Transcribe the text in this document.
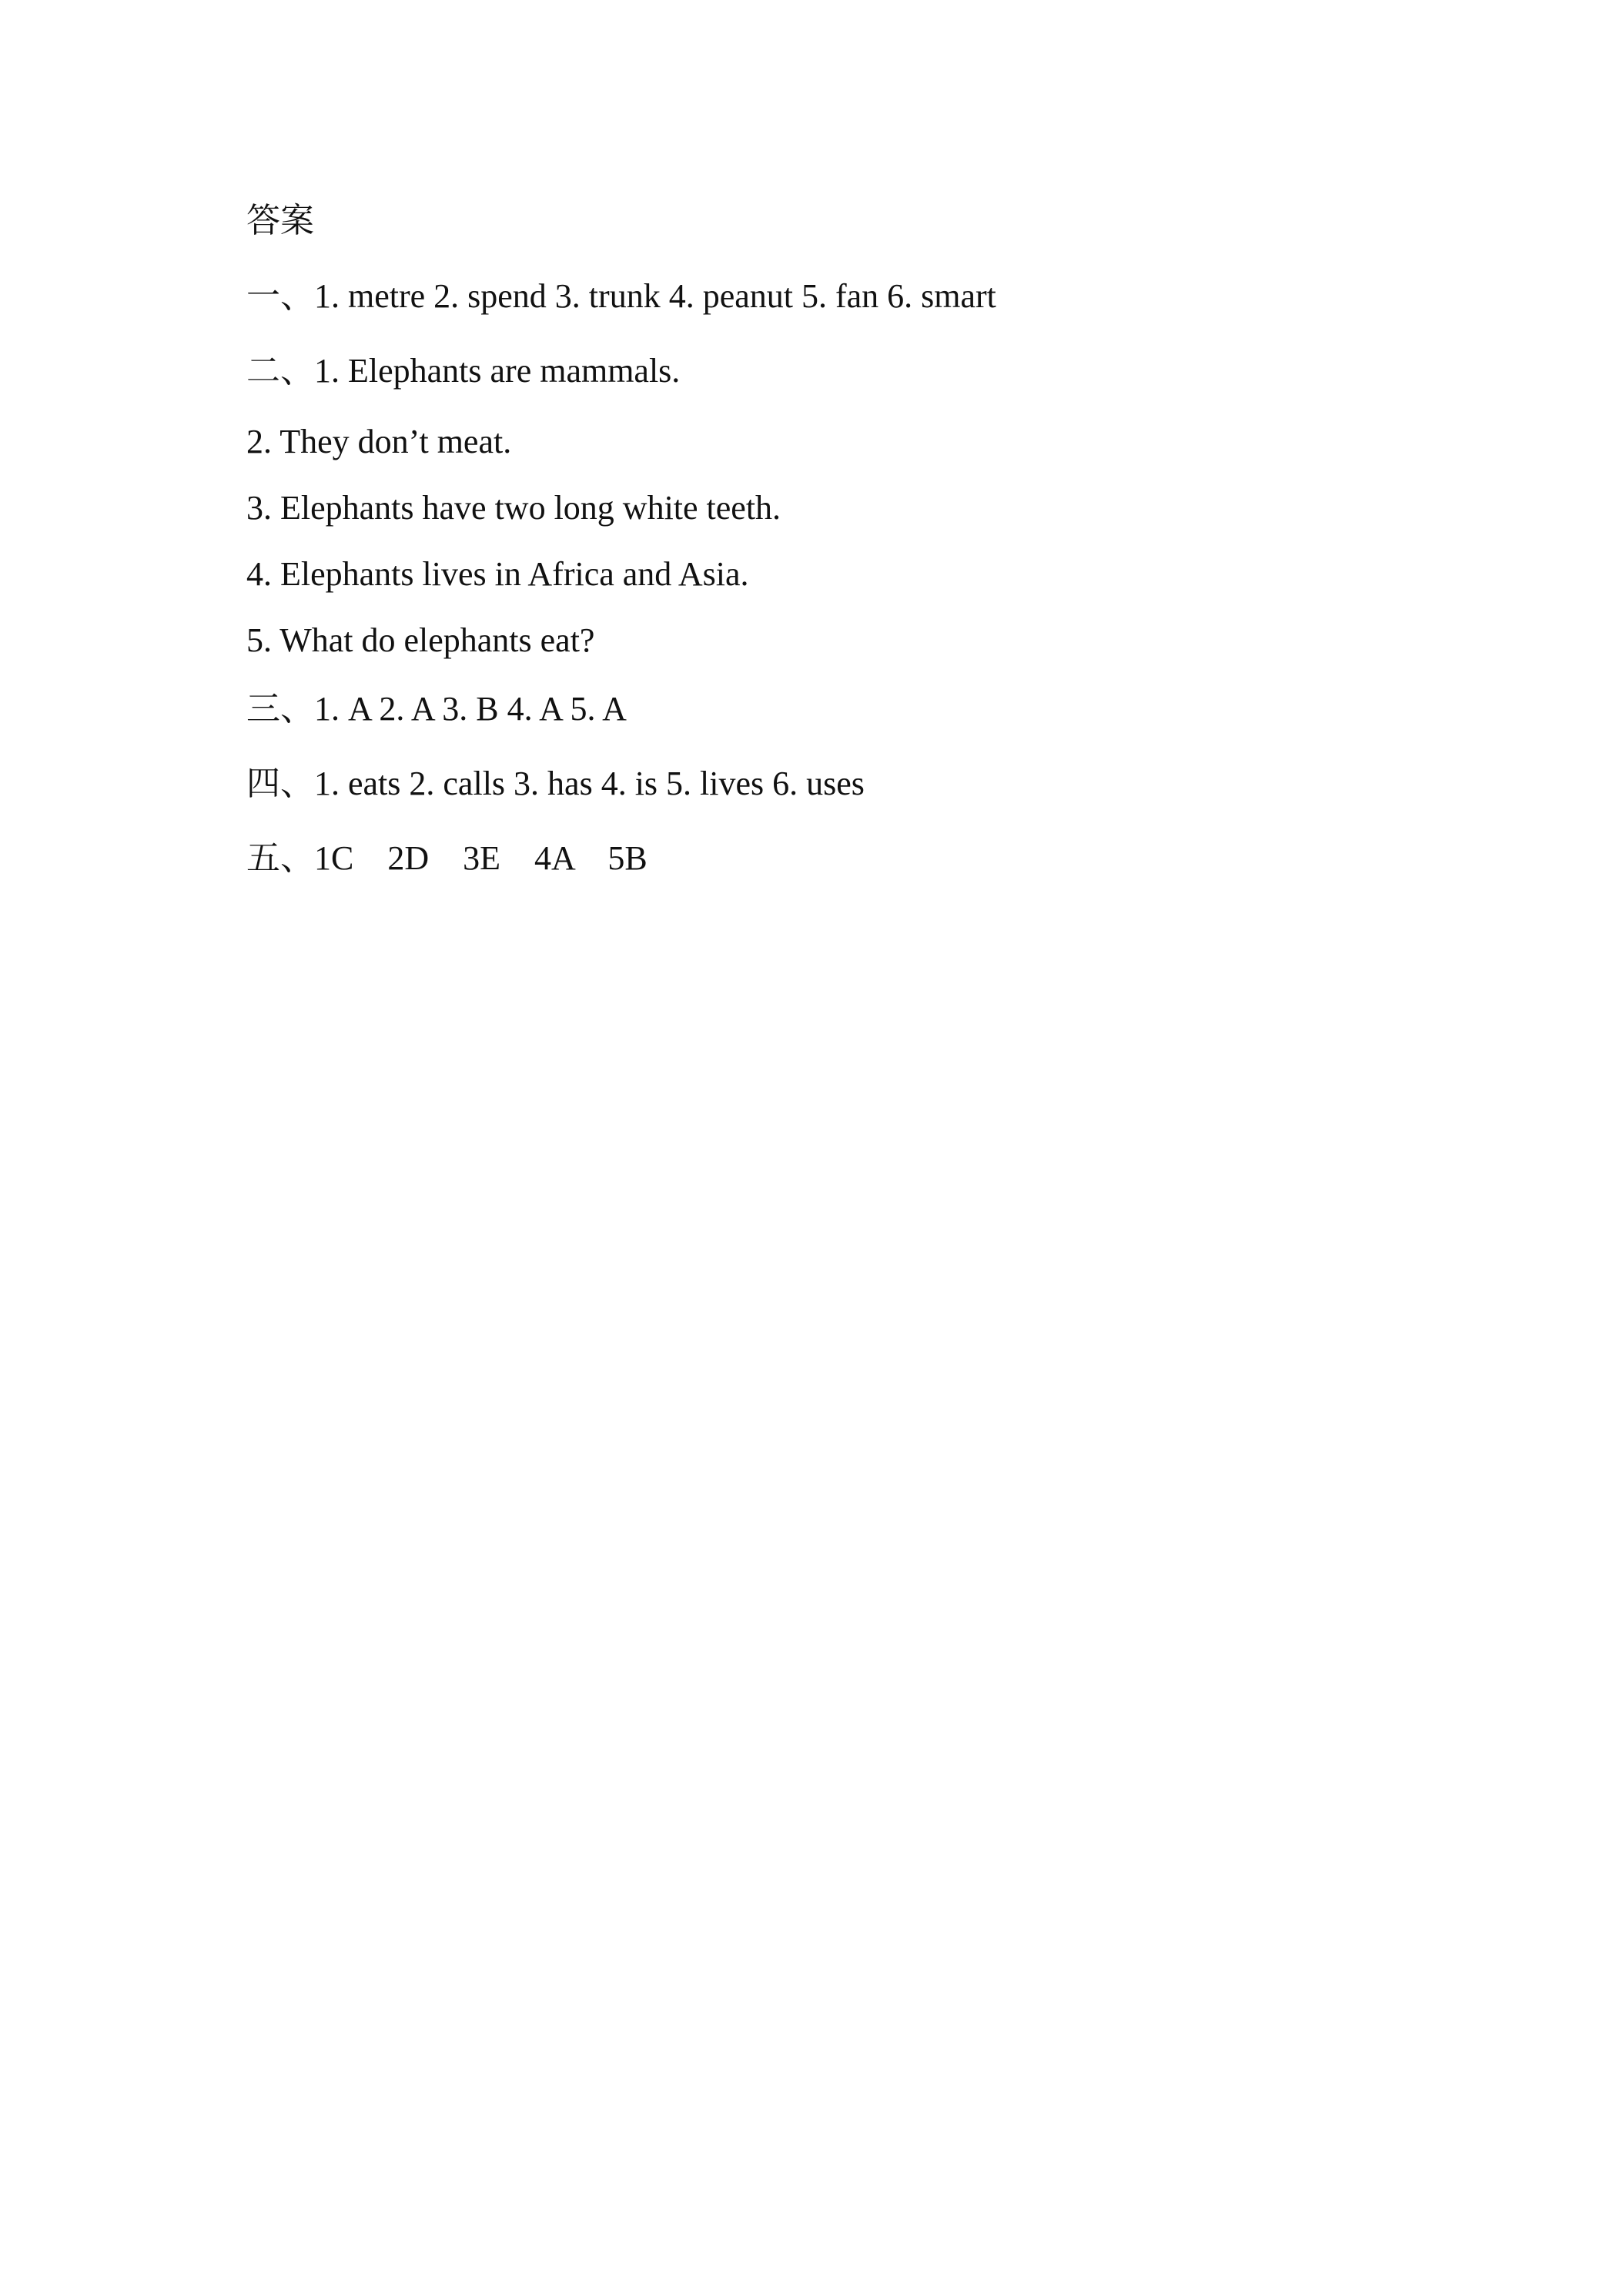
答案
一、1. metre 2. spend 3. trunk 4. peanut 5. fan 6. smart
二、1. Elephants are mammals.
2. They don’t meat.
3. Elephants have two long white teeth.
4. Elephants lives in Africa and Asia.
5. What do elephants eat?
三、1. A 2. A 3. B 4. A 5. A
四、1. eats 2. calls 3. has 4. is 5. lives 6. uses
五、1C    2D    3E    4A    5B
